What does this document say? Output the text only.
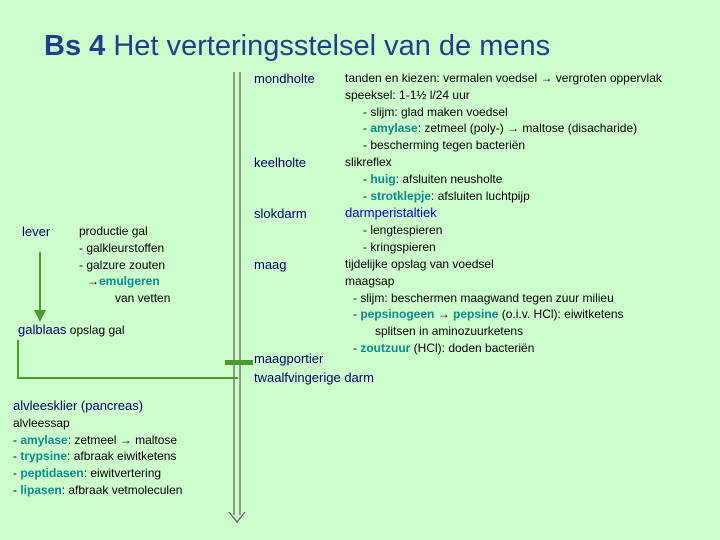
Bs 4 Het verteringsstelsel van de mens
mondholte
keelholte
slokdarm
maag
maagportier
twaalfvingerige darm
tanden en kiezen: vermalen voedsel → vergroten oppervlak
speeksel: 1-1½ l/24 uur
- slijm: glad maken voedsel
- amylase: zetmeel (poly-) → maltose (disacharide)
- bescherming tegen bacteriën
slikreflex
- huig: afsluiten neusholte
- strotklepje: afsluiten luchtpijp
darmperistaltiek
- lengtespieren
- kringspieren
tijdelijke opslag van voedsel
maagsap
- slijm: beschermen maagwand tegen zuur milieu
- pepsinogeen → pepsine (o.i.v. HCl): eiwitketens
splitsen in aminozuurketens
- zoutzuur (HCl): doden bacteriën
lever productie gal
- galkleurstoffen
- galzure zouten
→emulgeren
van vetten
galblaas opslag gal
alvleesklier (pancreas)
alvleessap
- amylase: zetmeel → maltose
- trypsine: afbraak eiwitketens
- peptidasen: eiwitvertering
- lipasen: afbraak vetmoleculen
